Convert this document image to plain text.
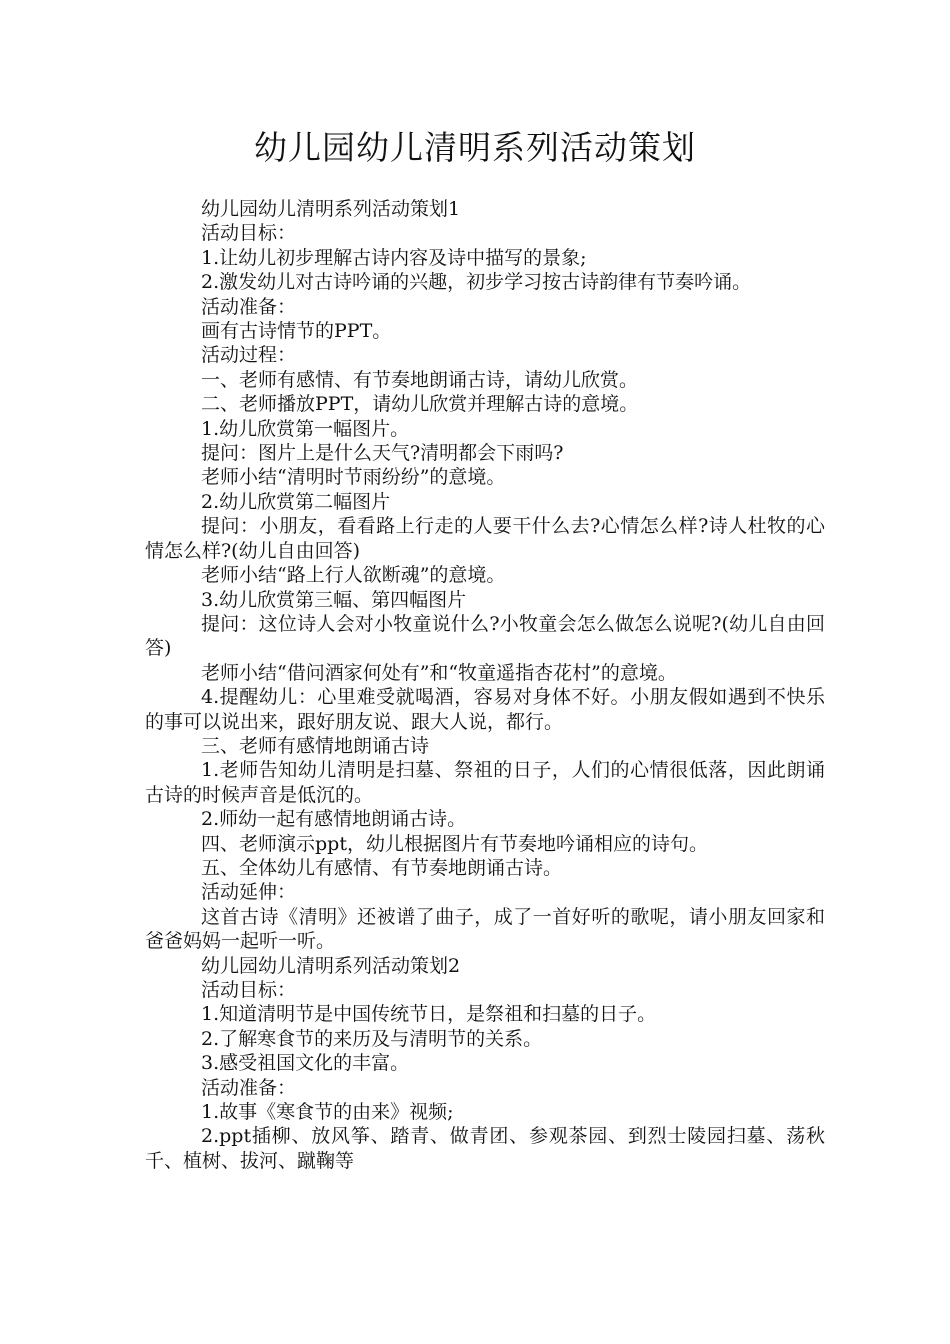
幼儿园幼儿清明系列活动策划

幼儿园幼儿清明系列活动策划1

活动目标：

1.让幼儿初步理解古诗内容及诗中描写的景象;

2.激发幼儿对古诗吟诵的兴趣，初步学习按古诗韵律有节奏吟诵。

活动准备：

画有古诗情节的PPT。

活动过程：

一、老师有感情、有节奏地朗诵古诗，请幼儿欣赏。

二、老师播放PPT，请幼儿欣赏并理解古诗的意境。

1.幼儿欣赏第一幅图片。

提问：图片上是什么天气?清明都会下雨吗?

老师小结“清明时节雨纷纷”的意境。

2.幼儿欣赏第二幅图片

提问：小朋友，看看路上行走的人要干什么去?心情怎么样?诗人杜牧的心情怎么样?(幼儿自由回答)

老师小结“路上行人欲断魂”的意境。

3.幼儿欣赏第三幅、第四幅图片

提问：这位诗人会对小牧童说什么?小牧童会怎么做怎么说呢?(幼儿自由回答)

老师小结“借问酒家何处有”和“牧童遥指杏花村”的意境。

4.提醒幼儿：心里难受就喝酒，容易对身体不好。小朋友假如遇到不快乐的事可以说出来，跟好朋友说、跟大人说，都行。

三、老师有感情地朗诵古诗

1.老师告知幼儿清明是扫墓、祭祖的日子，人们的心情很低落，因此朗诵古诗的时候声音是低沉的。

2.师幼一起有感情地朗诵古诗。

四、老师演示ppt，幼儿根据图片有节奏地吟诵相应的诗句。

五、全体幼儿有感情、有节奏地朗诵古诗。

活动延伸：

这首古诗《清明》还被谱了曲子，成了一首好听的歌呢，请小朋友回家和爸爸妈妈一起听一听。

幼儿园幼儿清明系列活动策划2

活动目标：

1.知道清明节是中国传统节日，是祭祖和扫墓的日子。

2.了解寒食节的来历及与清明节的关系。

3.感受祖国文化的丰富。

活动准备：

1.故事《寒食节的由来》视频;

2.ppt插柳、放风筝、踏青、做青团、参观茶园、到烈士陵园扫墓、荡秋千、植树、拔河、蹴鞠等
